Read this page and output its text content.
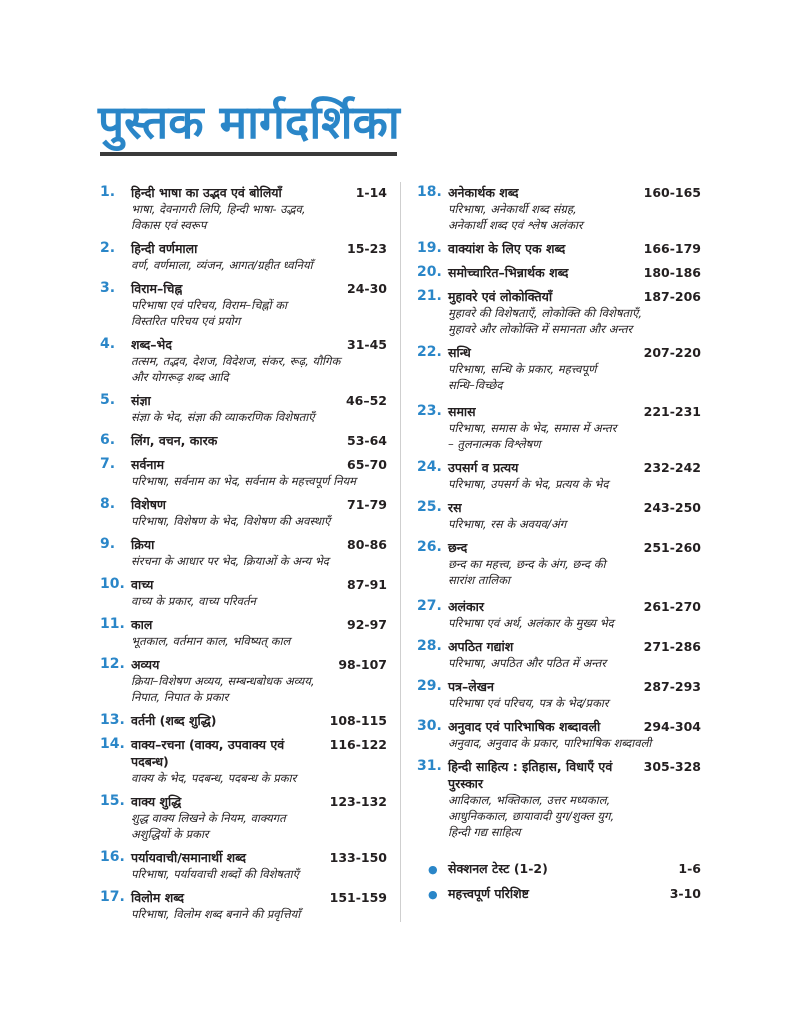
पुस्तक मार्गदर्शिका
1.	हिन्दी भाषा का उद्भव एवं बोलियाँ	1-14
भाषा, देवनागरी लिपि, हिन्दी भाषा- उद्भव,
विकास एवं स्वरूप
2.	हिन्दी वर्णमाला	15-23
वर्ण, वर्णमाला, व्यंजन, आगत/ग्रहीत ध्वनियाँ
3.	विराम–चिह्न	24-30
परिभाषा एवं परिचय, विराम–चिह्नों का
विस्तरित परिचय एवं प्रयोग
4.	शब्द–भेद	31-45
तत्सम, तद्भव, देशज, विदेशज, संकर, रूढ़, यौगिक
और योगरूढ़ शब्द आदि
5.	संज्ञा	46–52
संज्ञा के भेद, संज्ञा की व्याकरणिक विशेषताएँ
6.	लिंग, वचन, कारक	53-64
7.	सर्वनाम	65-70
परिभाषा, सर्वनाम का भेद, सर्वनाम के महत्त्वपूर्ण नियम
8.	विशेषण	71-79
परिभाषा, विशेषण के भेद, विशेषण की अवस्थाएँ
9.	क्रिया	80-86
संरचना के आधार पर भेद, क्रियाओं के अन्य भेद
10. वाच्य	87-91
वाच्य के प्रकार, वाच्य परिवर्तन
11. काल	92-97
भूतकाल, वर्तमान काल, भविष्यत् काल
12. अव्यय	98-107
क्रिया–विशेषण अव्यय, सम्बन्धबोधक अव्यय,
निपात, निपात के प्रकार
13. वर्तनी (शब्द शुद्धि)	108-115
14. वाक्य–रचना (वाक्य, उपवाक्य एवं पदबन्ध)
116-122
वाक्य के भेद, पदबन्ध, पदबन्ध के प्रकार
15. वाक्य शुद्धि	123-132
शुद्ध वाक्य लिखने के नियम, वाक्यगत
अशुद्धियों के प्रकार
16. पर्यायवाची/समानार्थी शब्द	133-150
परिभाषा, पर्यायवाची शब्दों की विशेषताएँ
17. विलोम शब्द	151-159
परिभाषा, विलोम शब्द बनाने की प्रवृत्तियाँ
18. अनेकार्थक शब्द	160-165
परिभाषा, अनेकार्थी शब्द संग्रह,
अनेकार्थी शब्द एवं श्लेष अलंकार
19. वाक्यांश के लिए एक शब्द	166-179
20. समोच्चारित–भिन्नार्थक शब्द	180-186
21. मुहावरे एवं लोकोक्तियाँ	187-206
मुहावरे की विशेषताएँ, लोकोक्ति की विशेषताएँ,
मुहावरे और लोकोक्ति में समानता और अन्तर
22. सन्धि	207-220
परिभाषा, सन्धि के प्रकार, महत्त्वपूर्ण
सन्धि–विच्छेद
23. समास	221-231
परिभाषा, समास के भेद, समास में अन्तर
– तुलनात्मक विश्लेषण
24. उपसर्ग व प्रत्यय	232-242
परिभाषा, उपसर्ग के भेद, प्रत्यय के भेद
25. रस	243-250
परिभाषा, रस के अवयव/अंग
26. छन्द	251-260
छन्द का महत्त्व, छन्द के अंग, छन्द की
सारांश तालिका
27. अलंकार	261-270
परिभाषा एवं अर्थ, अलंकार के मुख्य भेद
28. अपठित गद्यांश	271-286
परिभाषा, अपठित और पठित में अन्तर
29. पत्र–लेखन	287-293
परिभाषा एवं परिचय, पत्र के भेद/प्रकार
30. अनुवाद एवं पारिभाषिक शब्दावली	294-304
अनुवाद, अनुवाद के प्रकार, पारिभाषिक शब्दावली
31. हिन्दी साहित्य : इतिहास, विधाएँ एवं पुरस्कार
305-328
आदिकाल, भक्तिकाल, उत्तर मध्यकाल,
आधुनिककाल, छायावादी युग/शुक्ल युग,
हिन्दी गद्य साहित्य
● सेक्शनल टेस्ट (1-2)	1-6
● महत्त्वपूर्ण परिशिष्ट	3-10
